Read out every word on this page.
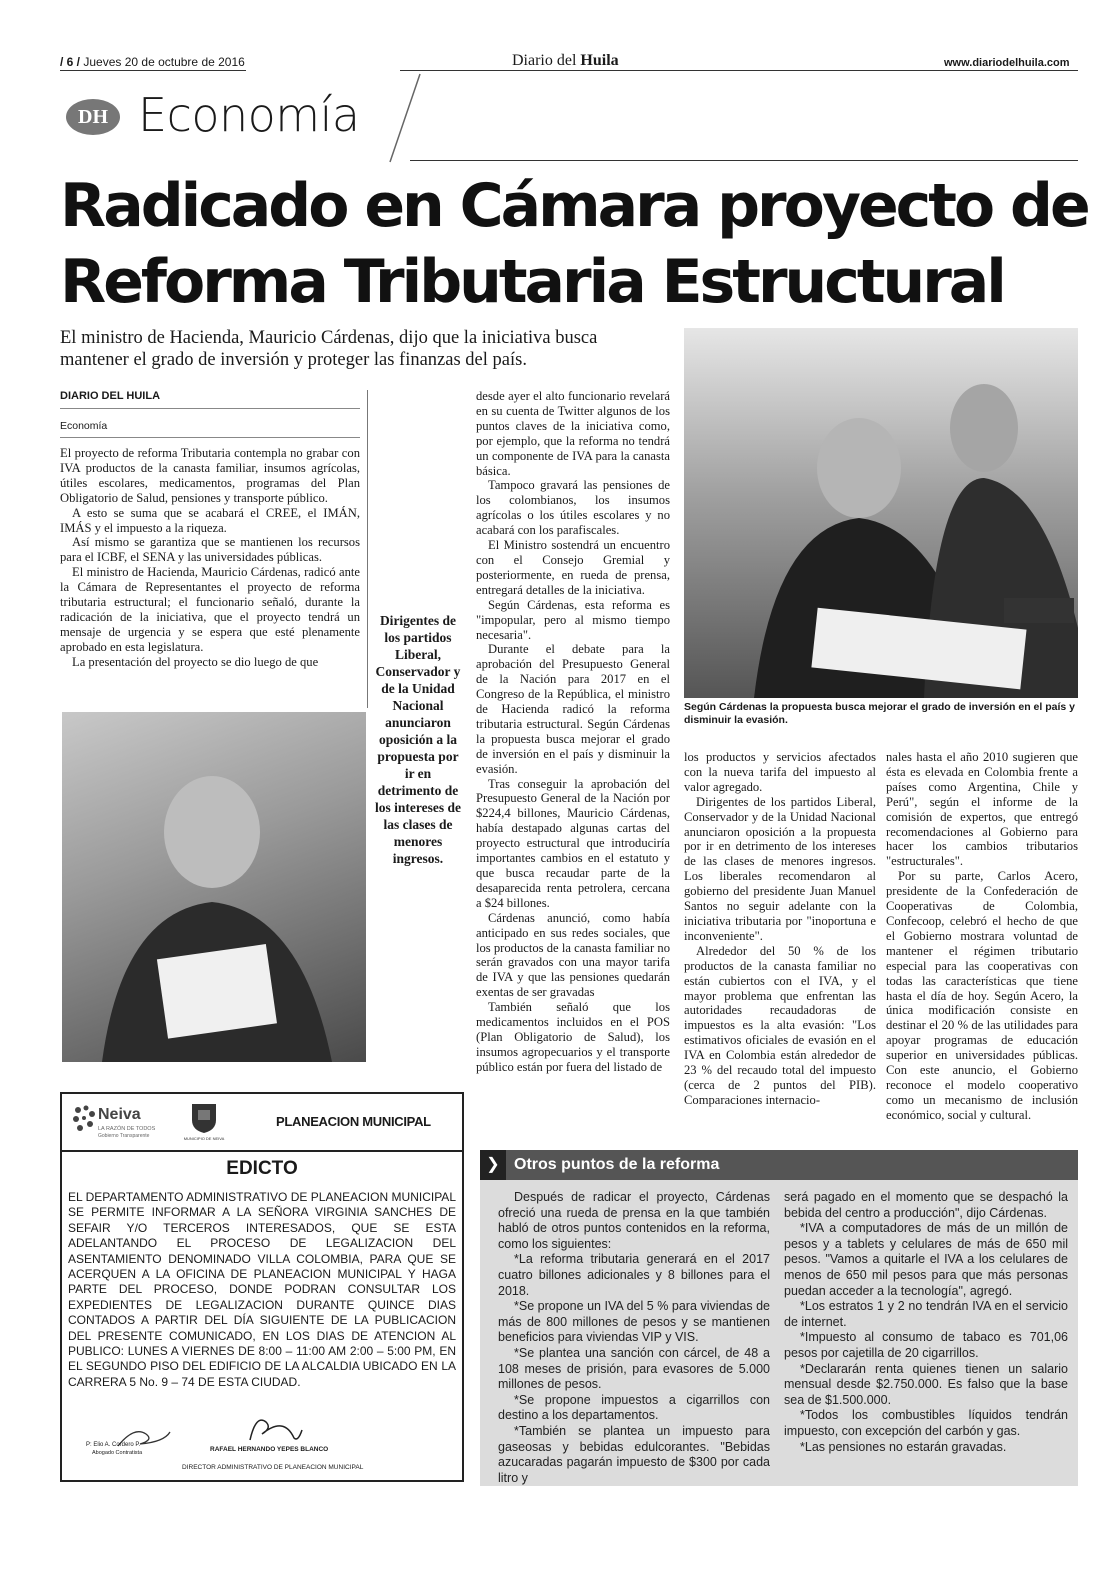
/ 6 / Jueves 20 de octubre de 2016	Diario del Huila	www.diariodelhuila.com
DH Economía
Radicado en Cámara proyecto de
Reforma Tributaria Estructural
El ministro de Hacienda, Mauricio Cárdenas, dijo que la iniciativa busca
mantener el grado de inversión y proteger las finanzas del país.
DIARIO DEL HUILA
Economía

El proyecto de reforma Tributaria contempla no grabar con IVA productos de la canasta familiar, insumos agrícolas, útiles escolares, medicamentos, programas del Plan Obligatorio de Salud, pensiones y transporte público.

A esto se suma que se acabará el CREE, el IMÁN, IMÁS y el impuesto a la riqueza.

Así mismo se garantiza que se mantienen los recursos para el ICBF, el SENA y las universidades públicas.

El ministro de Hacienda, Mauricio Cárdenas, radicó ante la Cámara de Representantes el proyecto de reforma tributaria estructural; el funcionario señaló, durante la radicación de la iniciativa, que el proyecto tendrá un mensaje de urgencia y se espera que esté plenamente aprobado en esta legislatura.

La presentación del proyecto se dio luego de que

Dirigentes de los partidos Liberal, Conservador y de la Unidad Nacional anunciaron oposición a la propuesta por ir en detrimento de los intereses de las clases de menores ingresos.

desde ayer el alto funcionario revelará en su cuenta de Twitter algunos de los puntos claves de la iniciativa como, por ejemplo, que la reforma no tendrá un componente de IVA para la canasta básica.

Tampoco gravará las pensiones de los colombianos, los insumos agrícolas o los útiles escolares y no acabará con los parafiscales.

El Ministro sostendrá un encuentro con el Consejo Gremial y posteriormente, en rueda de prensa, entregará detalles de la iniciativa.

Según Cárdenas, esta reforma es "impopular, pero al mismo tiempo necesaria".

Durante el debate para la aprobación del Presupuesto General de la Nación para 2017 en el Congreso de la República, el ministro de Hacienda radicó la reforma tributaria estructural. Según Cárdenas la propuesta busca mejorar el grado de inversión en el país y disminuir la evasión.

Tras conseguir la aprobación del Presupuesto General de la Nación por $224,4 billones, Mauricio Cárdenas, había destapado algunas cartas del proyecto estructural que introduciría importantes cambios en el estatuto y que busca recaudar parte de la desaparecida renta petrolera, cercana a $24 billones.

Cárdenas anunció, como había anticipado en sus redes sociales, que los productos de la canasta familiar no serán gravados con una mayor tarifa de IVA y que las pensiones quedarán exentas de ser gravadas

También señaló que los medicamentos incluidos en el POS (Plan Obligatorio de Salud), los insumos agropecuarios y el transporte público están por fuera del listado de

Según Cárdenas la propuesta busca mejorar el grado de inversión en el país y disminuir la evasión.

los productos y servicios afectados con la nueva tarifa del impuesto al valor agregado.

Dirigentes de los partidos Liberal, Conservador y de la Unidad Nacional anunciaron oposición a la propuesta por ir en detrimento de los intereses de las clases de menores ingresos. Los liberales recomendaron al gobierno del presidente Juan Manuel Santos no seguir adelante con la iniciativa tributaria por "inoportuna e inconveniente".

Alrededor del 50 % de los productos de la canasta familiar no están cubiertos con el IVA, y el mayor problema que enfrentan las autoridades recaudadoras de impuestos es la alta evasión: "Los estimativos oficiales de evasión en el IVA en Colombia están alrededor de 23 % del recaudo total del impuesto (cerca de 2 puntos del PIB). Comparaciones internacio-

nales hasta el año 2010 sugieren que ésta es elevada en Colombia frente a países como Argentina, Chile y Perú", según el informe de la comisión de expertos, que entregó recomendaciones al Gobierno para hacer los cambios tributarios "estructurales".

Por su parte, Carlos Acero, presidente de la Confederación de Cooperativas de Colombia, Confecoop, celebró el hecho de que el Gobierno mostrara voluntad de mantener el régimen tributario especial para las cooperativas con todas las características que tiene hasta el día de hoy. Según Acero, la única modificación consiste en destinar el 20 % de las utilidades para apoyar programas de educación superior en universidades públicas. Con este anuncio, el Gobierno reconoce el modelo cooperativo como un mecanismo de inclusión económico, social y cultural.

❯ Otros puntos de la reforma

Después de radicar el proyecto, Cárdenas ofreció una rueda de prensa en la que también habló de otros puntos contenidos en la reforma, como los siguientes:

*La reforma tributaria generará en el 2017 cuatro billones adicionales y 8 billones para el 2018.

*Se propone un IVA del 5 % para viviendas de más de 800 millones de pesos y se mantienen beneficios para viviendas VIP y VIS.

*Se plantea una sanción con cárcel, de 48 a 108 meses de prisión, para evasores de 5.000 millones de pesos.

*Se propone impuestos a cigarrillos con destino a los departamentos.

*También se plantea un impuesto para gaseosas y bebidas edulcorantes. "Bebidas azucaradas pagarán impuesto de $300 por cada litro y

será pagado en el momento que se despachó la bebida del centro a producción", dijo Cárdenas.

*IVA a computadores de más de un millón de pesos y a tablets y celulares de más de 650 mil pesos. "Vamos a quitarle el IVA a los celulares de menos de 650 mil pesos para que más personas puedan acceder a la tecnología", agregó.

*Los estratos 1 y 2 no tendrán IVA en el servicio de internet.

*Impuesto al consumo de tabaco es 701,06 pesos por cajetilla de 20 cigarrillos.

*Declararán renta quienes tienen un salario mensual desde $2.750.000. Es falso que la base sea de $1.500.000.

*Todos los combustibles líquidos tendrán impuesto, con excepción del carbón y gas.

*Las pensiones no estarán gravadas.

Neiva
LA RAZÓN DE TODOS
Gobierno Transparente	MUNICIPIO DE NEIVA
PLANEACION MUNICIPAL
EDICTO
EL DEPARTAMENTO ADMINISTRATIVO DE PLANEACION MUNICIPAL SE PERMITE INFORMAR A LA SEÑORA VIRGINIA SANCHES DE SEFAIR Y/O TERCEROS INTERESADOS, QUE SE ESTA ADELANTANDO EL PROCESO DE LEGALIZACION DEL ASENTAMIENTO DENOMINADO VILLA COLOMBIA, PARA QUE SE ACERQUEN A LA OFICINA DE PLANEACION MUNICIPAL Y HAGA PARTE DEL PROCESO, DONDE PODRAN CONSULTAR LOS EXPEDIENTES DE LEGALIZACION DURANTE QUINCE DIAS CONTADOS A PARTIR DEL DÍA SIGUIENTE DE LA PUBLICACION DEL PRESENTE COMUNICADO, EN LOS DIAS DE ATENCION AL PUBLICO: LUNES A VIERNES DE 8:00 – 11:00 AM 2:00 – 5:00 PM, EN EL SEGUNDO PISO DEL EDIFICIO DE LA ALCALDIA UBICADO EN LA CARRERA 5 No. 9 – 74 DE ESTA CIUDAD.
P: Elio A. Cordero P.
Abogado Contratista	RAFAEL HERNANDO YEPES BLANCO
DIRECTOR ADMINISTRATIVO DE PLANEACION MUNICIPAL
